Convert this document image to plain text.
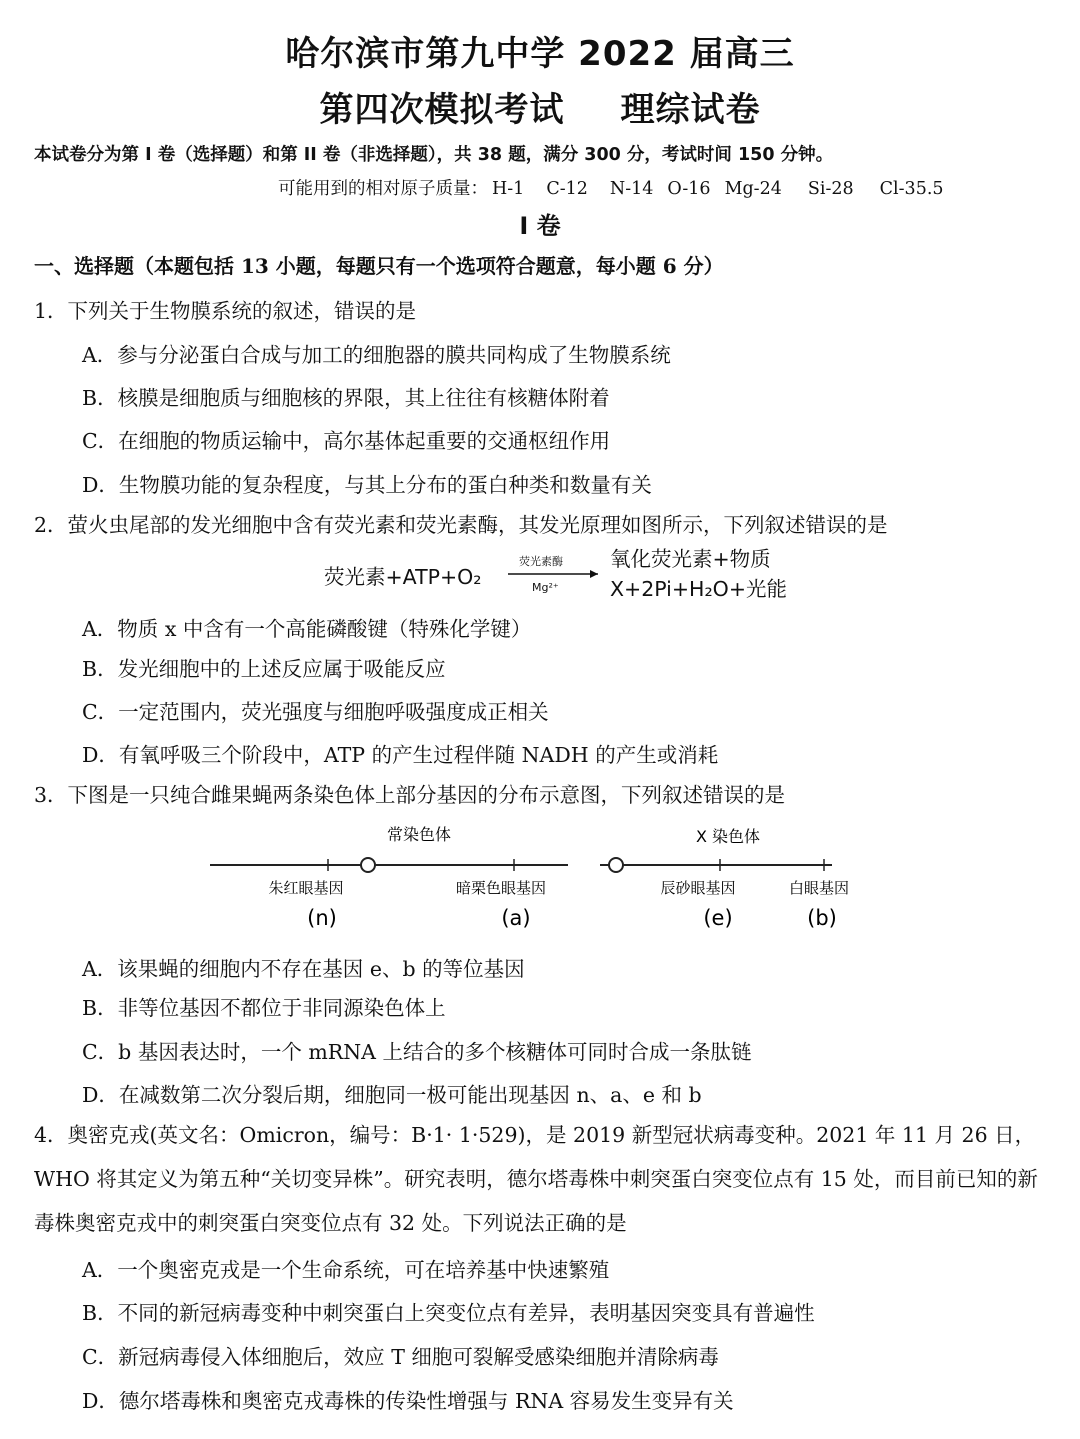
哈尔滨市第九中学 2022 届高三
第四次模拟考试 理综试卷
本试卷分为第 I 卷（选择题）和第 II 卷（非选择题），共 38 题，满分 300 分，考试时间 150 分钟。
可能用到的相对原子质量： H-1 C-12 N-14 O-16 Mg-24 Si-28 Cl-35.5
I 卷
一、选择题（本题包括 13 小题，每题只有一个选项符合题意，每小题 6 分）
1．下列关于生物膜系统的叙述，错误的是
A．参与分泌蛋白合成与加工的细胞器的膜共同构成了生物膜系统
B．核膜是细胞质与细胞核的界限，其上往往有核糖体附着
C．在细胞的物质运输中，高尔基体起重要的交通枢纽作用
D．生物膜功能的复杂程度，与其上分布的蛋白种类和数量有关
2．萤火虫尾部的发光细胞中含有荧光素和荧光素酶，其发光原理如图所示，下列叙述错误的是
荧光素+ATP+O₂
荧光素酶
Mg²⁺
氧化荧光素+物质
X+2Pi+H₂O+光能
A．物质 x 中含有一个高能磷酸键（特殊化学键）
B．发光细胞中的上述反应属于吸能反应
C．一定范围内，荧光强度与细胞呼吸强度成正相关
D．有氧呼吸三个阶段中，ATP 的产生过程伴随 NADH 的产生或消耗
3．下图是一只纯合雌果蝇两条染色体上部分基因的分布示意图，下列叙述错误的是
常染色体	X 染色体
朱红眼基因	暗栗色眼基因	辰砂眼基因	白眼基因
(n)	(a)	(e)	(b)
A．该果蝇的细胞内不存在基因 e、b 的等位基因
B．非等位基因不都位于非同源染色体上
C．b 基因表达时，一个 mRNA 上结合的多个核糖体可同时合成一条肽链
D．在减数第二次分裂后期，细胞同一极可能出现基因 n、a、e 和 b
4．奥密克戎(英文名：Omicron，编号：B·1· 1·529)，是 2019 新型冠状病毒变种。2021 年 11 月 26 日，WHO 将其定义为第五种“关切变异株”。研究表明，德尔塔毒株中刺突蛋白突变位点有 15 处，而目前已知的新毒株奥密克戎中的刺突蛋白突变位点有 32 处。下列说法正确的是
A．一个奥密克戎是一个生命系统，可在培养基中快速繁殖
B．不同的新冠病毒变种中刺突蛋白上突变位点有差异，表明基因突变具有普遍性
C．新冠病毒侵入体细胞后，效应 T 细胞可裂解受感染细胞并清除病毒
D．德尔塔毒株和奥密克戎毒株的传染性增强与 RNA 容易发生变异有关
